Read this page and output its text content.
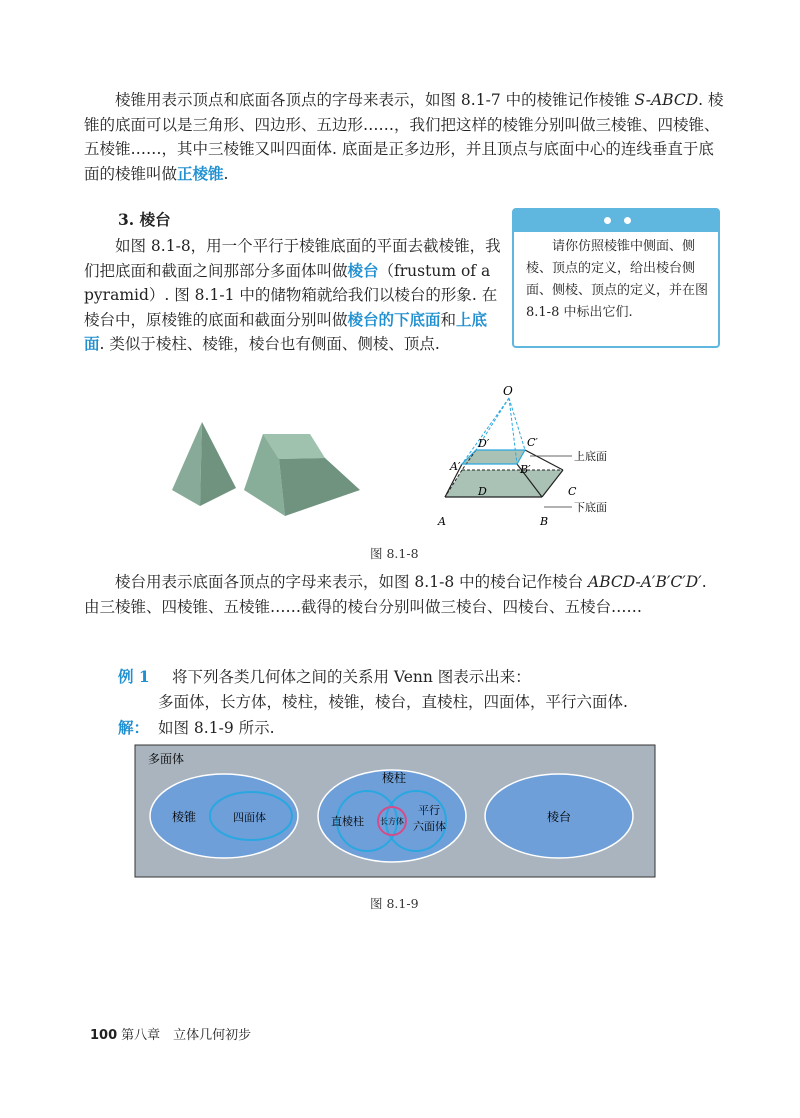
棱锥用表示顶点和底面各顶点的字母来表示，如图 8.1-7 中的棱锥记作棱锥 S-ABCD. 棱锥的底面可以是三角形、四边形、五边形……，我们把这样的棱锥分别叫做三棱锥、四棱锥、五棱锥……，其中三棱锥又叫四面体. 底面是正多边形，并且顶点与底面中心的连线垂直于底面的棱锥叫做正棱锥.

3. 棱台

如图 8.1-8，用一个平行于棱锥底面的平面去截棱锥，我们把底面和截面之间那部分多面体叫做棱台（frustum of a pyramid）. 图 8.1-1 中的储物箱就给我们以棱台的形象. 在棱台中，原棱锥的底面和截面分别叫做棱台的下底面和上底面. 类似于棱柱、棱锥，棱台也有侧面、侧棱、顶点.

请你仿照棱锥中侧面、侧棱、顶点的定义，给出棱台侧面、侧棱、顶点的定义，并在图 8.1-8 中标出它们.

O
D′	C′
A′	B′
D	C
A	B
上底面
下底面
图 8.1-8

棱台用表示底面各顶点的字母来表示，如图 8.1-8 中的棱台记作棱台 ABCD-A′B′C′D′. 由三棱锥、四棱锥、五棱锥……截得的棱台分别叫做三棱台、四棱台、五棱台……

例 1 将下列各类几何体之间的关系用 Venn 图表示出来：
多面体，长方体，棱柱，棱锥，棱台，直棱柱，四面体，平行六面体.
解： 如图 8.1-9 所示.
多面体
棱锥	四面体
棱柱
直棱柱
平行
六面体
长方体	棱台
图 8.1-9
100 第八章　立体几何初步
